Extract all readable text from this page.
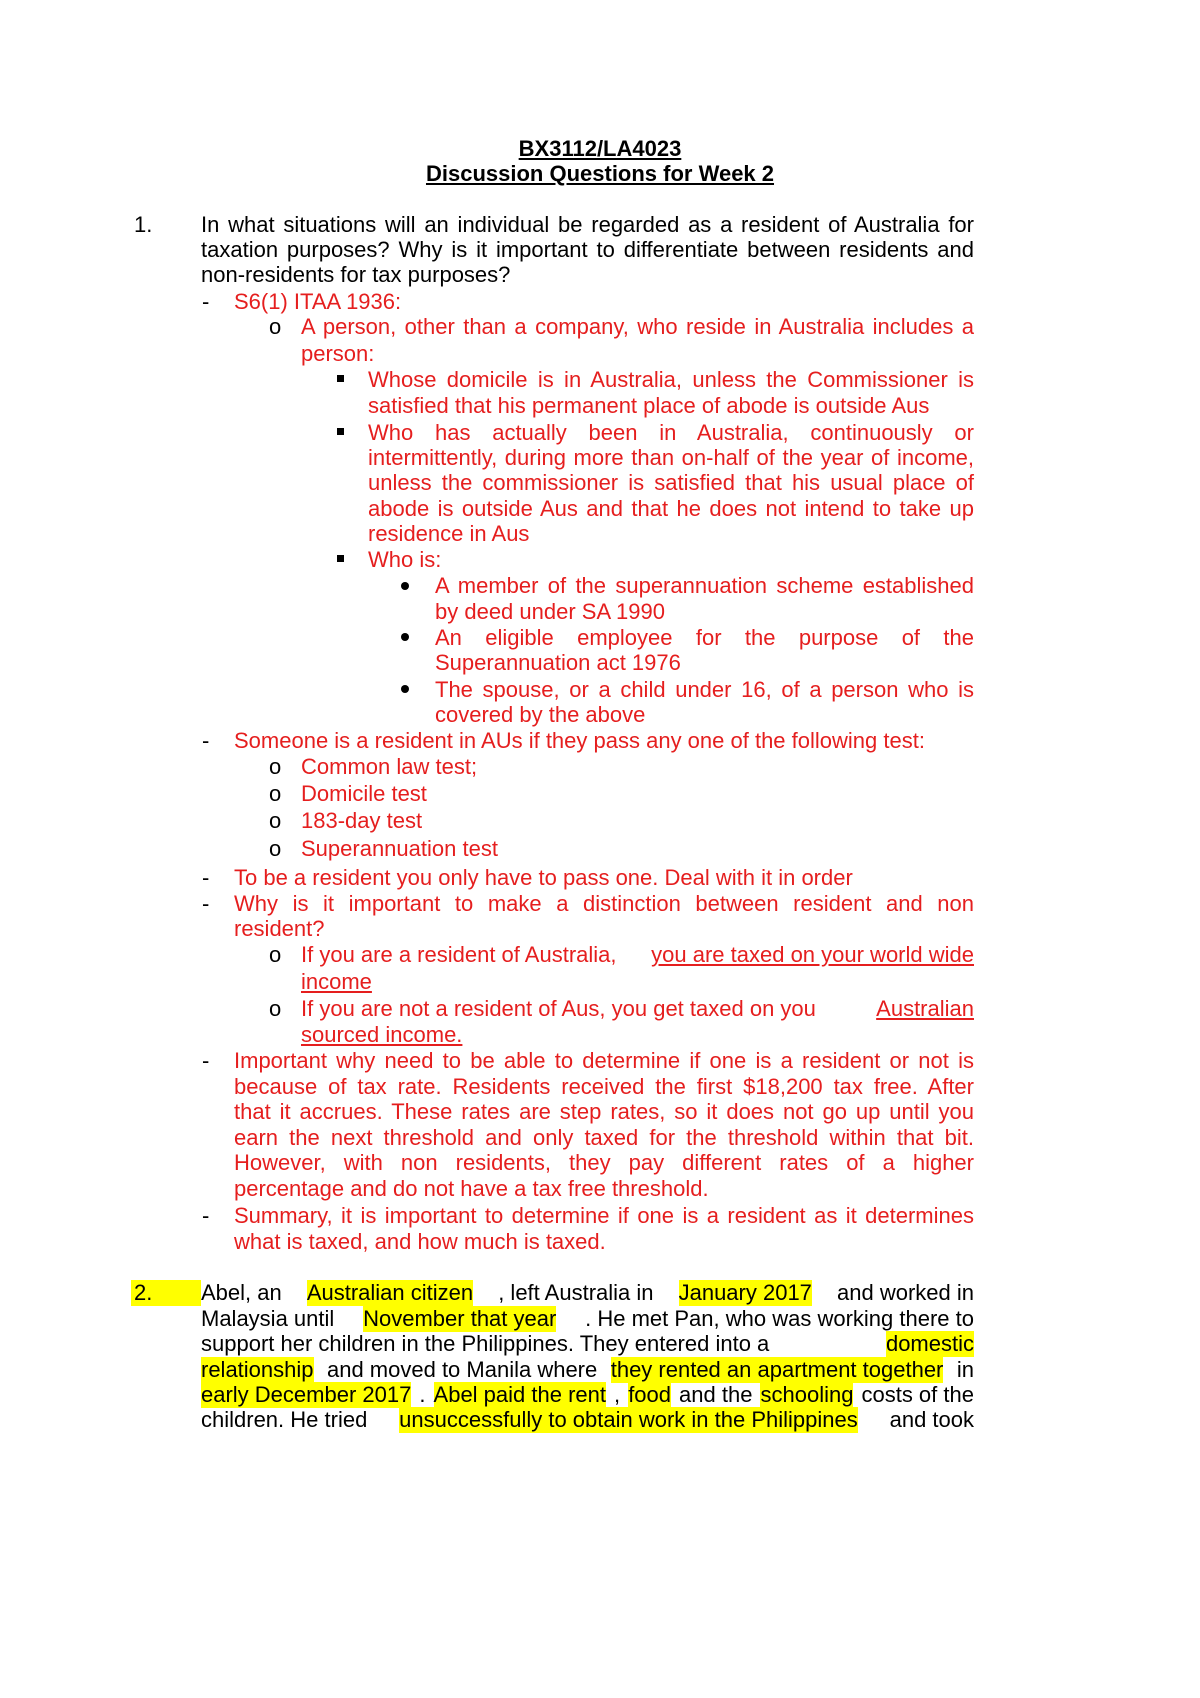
BX3112/LA4023
Discussion Questions for Week 2
1. In what situations will an individual be regarded as a resident of Australia for
taxation purposes? Why is it important to differentiate between residents and
non-residents for tax purposes?
- S6(1) ITAA 1936:
o A person, other than a company, who reside in Australia includes a
person:
Whose domicile is in Australia, unless the Commissioner is
satisfied that his permanent place of abode is outside Aus
Who has actually been in Australia, continuously or
intermittently, during more than on-half of the year of income,
unless the commissioner is satisfied that his usual place of
abode is outside Aus and that he does not intend to take up
residence in Aus
Who is:
A member of the superannuation scheme established
by deed under SA 1990
An eligible employee for the purpose of the
Superannuation act 1976
The spouse, or a child under 16, of a person who is
covered by the above
- Someone is a resident in AUs if they pass any one of the following test:
o Common law test;
o Domicile test
o 183-day test
o Superannuation test
- To be a resident you only have to pass one. Deal with it in order
- Why is it important to make a distinction between resident and non
resident?
o If you are a resident of Australia, you are taxed on your world wide
income
o If you are not a resident of Aus, you get taxed on you Australian
sourced income.
- Important why need to be able to determine if one is a resident or not is
because of tax rate. Residents received the first $18,200 tax free. After
that it accrues. These rates are step rates, so it does not go up until you
earn the next threshold and only taxed for the threshold within that bit.
However, with non residents, they pay different rates of a higher
percentage and do not have a tax free threshold.
- Summary, it is important to determine if one is a resident as it determines
what is taxed, and how much is taxed.
2.	Abel, an Australian citizen , left Australia in January 2017 and worked in
Malaysia until November that year . He met Pan, who was working there to
support her children in the Philippines. They entered into a	domestic
relationship and moved to Manila where they rented an apartment together in
early December 2017 . Abel paid the rent , food and the schooling costs of the
children. He tried unsuccessfully to obtain work in the Philippines and took
